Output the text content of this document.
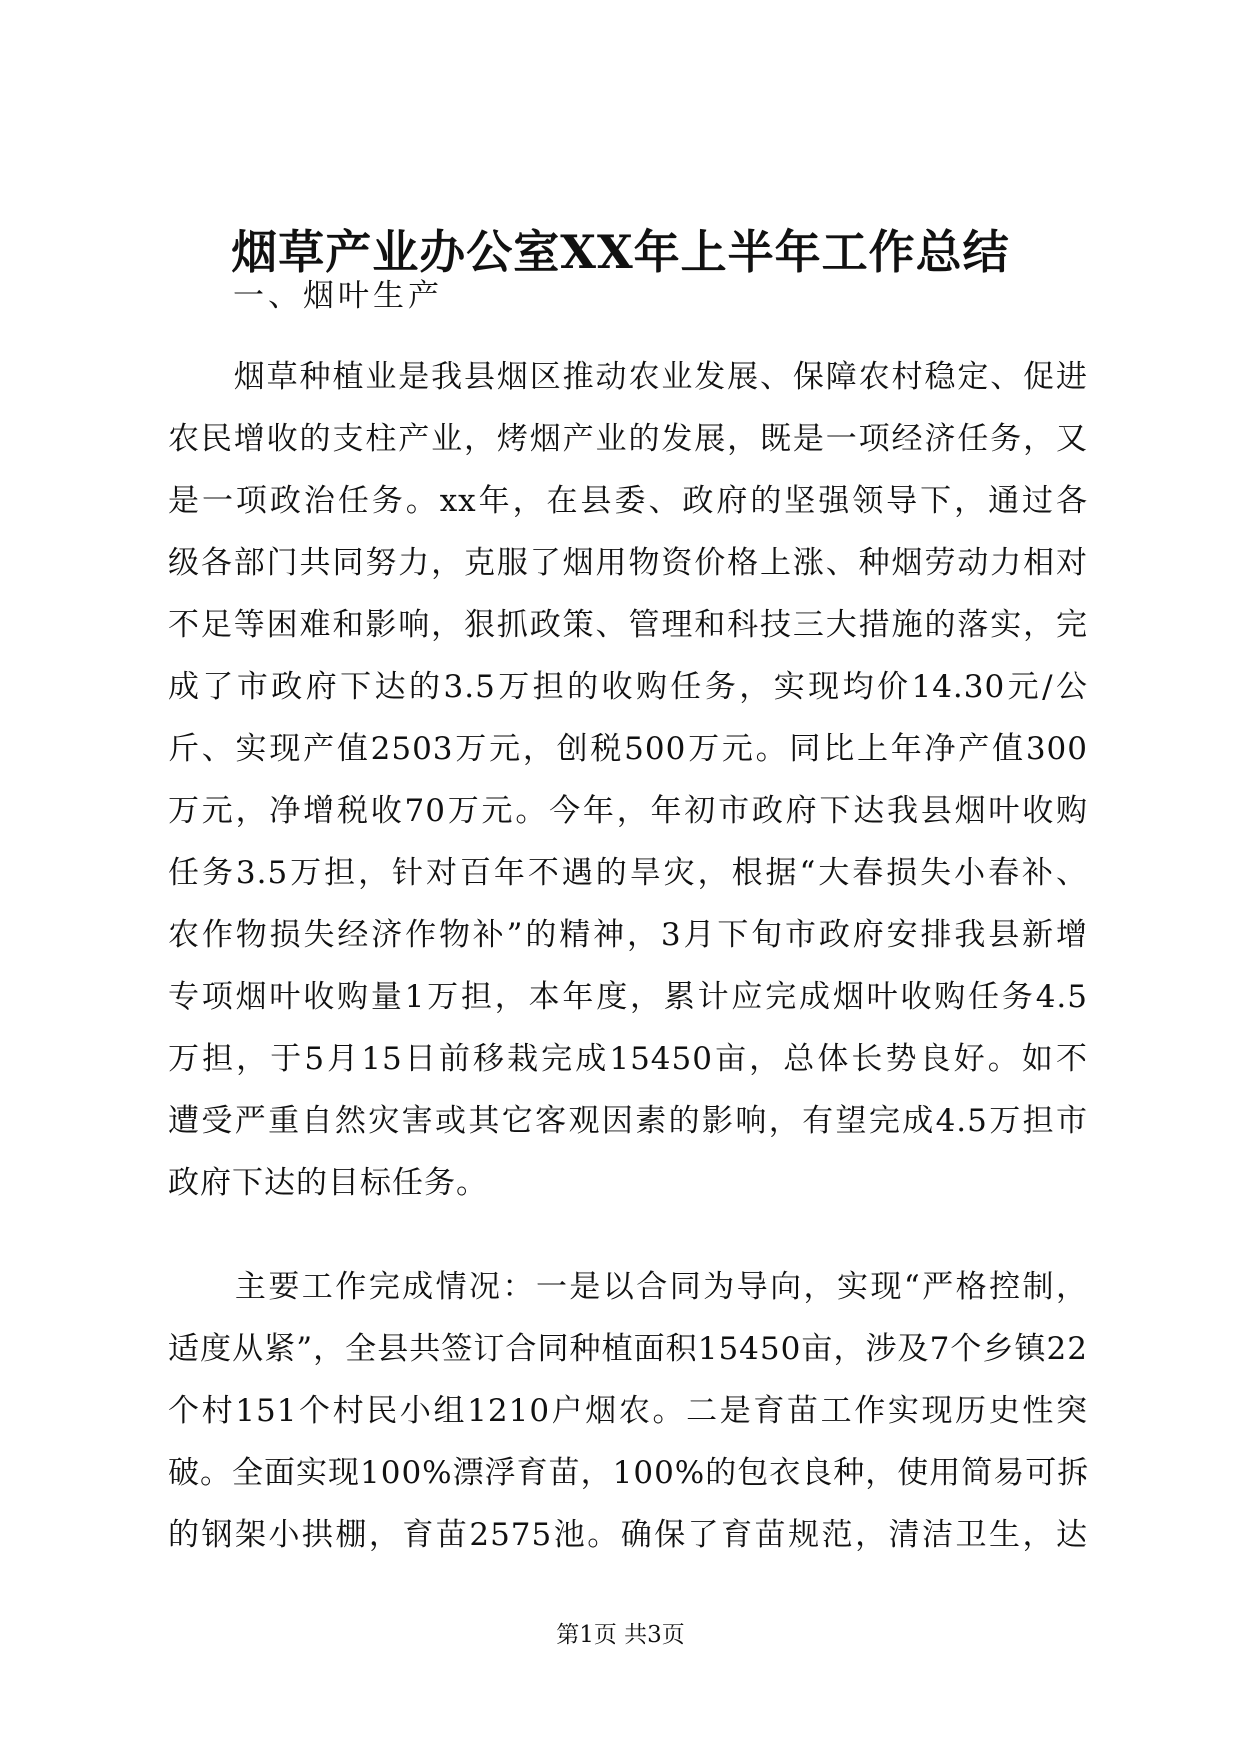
烟草产业办公室XX年上半年工作总结
一、烟叶生产
　　烟草种植业是我县烟区推动农业发展、保障农村稳定、促进
农民增收的支柱产业，烤烟产业的发展，既是一项经济任务，又
是一项政治任务。xx年，在县委、政府的坚强领导下，通过各
级各部门共同努力，克服了烟用物资价格上涨、种烟劳动力相对
不足等困难和影响，狠抓政策、管理和科技三大措施的落实，完
成了市政府下达的3.5万担的收购任务，实现均价14.30元/公
斤、实现产值2503万元，创税500万元。同比上年净产值300
万元，净增税收70万元。今年，年初市政府下达我县烟叶收购
任务3.5万担，针对百年不遇的旱灾，根据“大春损失小春补、
农作物损失经济作物补”的精神，3月下旬市政府安排我县新增
专项烟叶收购量1万担，本年度，累计应完成烟叶收购任务4.5
万担，于5月15日前移栽完成15450亩，总体长势良好。如不
遭受严重自然灾害或其它客观因素的影响，有望完成4.5万担市
政府下达的目标任务。
　　主要工作完成情况：一是以合同为导向，实现“严格控制，
适度从紧”，全县共签订合同种植面积15450亩，涉及7个乡镇22
个村151个村民小组1210户烟农。二是育苗工作实现历史性突
破。全面实现100%漂浮育苗，100%的包衣良种，使用简易可拆
的钢架小拱棚，育苗2575池。确保了育苗规范，清洁卫生，达
第1页 共3页
